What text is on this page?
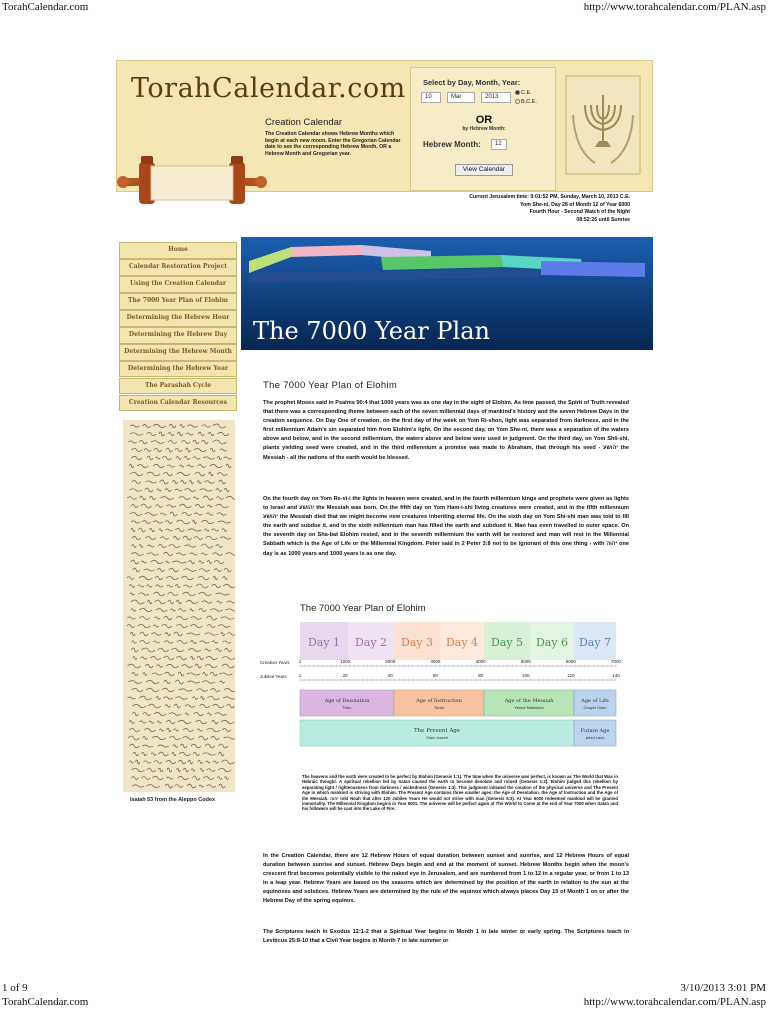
TorahCalendar.com	http://www.torahcalendar.com/PLAN.asp
TorahCalendar.com
Creation Calendar
The Creation Calendar shows Hebrew Months which begin at each new moon. Enter the Gregorian Calendar date to see the corresponding Hebrew Month, OR a Hebrew Month and Gregorian year.
Select by Day, Month, Year:
10	Mar	2013
C.E.
B.C.E.
OR
by Hebrew Month:
Hebrew Month:	12
View Calendar
Current Jerusalem time: 9:01:52 PM, Sunday, March 10, 2013 C.E.
Yom She-ni, Day 28 of Month 12 of Year 6000
Fourth Hour - Second Watch of the Night
08:52:26 until Sunrise
Home
Calendar Restoration Project
Using the Creation Calendar
The 7000 Year Plan of Elohim
Determining the Hebrew Hour
Determining the Hebrew Day
Determining the Hebrew Month
Determining the Hebrew Year
The Parashah Cycle
Creation Calendar Resources
Isaiah 53 from the Aleppo Codex
The 7000 Year Plan
The 7000 Year Plan of Elohim

The prophet Moses said in Psalms 90:4 that 1000 years was as one day in the sight of Elohim. As time passed, the Spirit of Truth revealed that there was a corresponding theme between each of the seven millennial days of mankind's history and the seven Hebrew Days in the creation sequence. On Day One of creation, on the first day of the week on Yom Ri-shon, light was separated from darkness, and in the first millennium Adam's sin separated him from Elohim's light. On the second day, on Yom She-ni, there was a separation of the waters above and below, and in the second millennium, the waters above and below were used in judgment. On the third day, on Yom Shli-shi, plants yielding seed were created, and in the third millennium a promise was made to Abraham, that through his seed - יהושע the Messiah - all the nations of the earth would be blessed.

On the fourth day on Yom Re-vi-i the lights in heaven were created, and in the fourth millennium kings and prophets were given as lights to Israel and יהושע the Messiah was born. On the fifth day on Yom Ham-i-shi living creatures were created, and in the fifth millennium יהושע the Messiah died that we might become new creatures inheriting eternal life. On the sixth day on Yom Shi-shi man was told to fill the earth and subdue it, and in the sixth millennium man has filled the earth and subdued it. Man has even travelled to outer space. On the seventh day on Sha-bat Elohim rested, and in the seventh millennium the earth will be restored and man will rest in the Millennial Sabbath which is the Age of Life or the Millennial Kingdom. Peter said in 2 Peter 3:8 not to be ignorant of this one thing - with יהוה one day is as 1000 years and 1000 years is as one day.

The 7000 Year Plan of Elohim
Day 1 Day 2 Day 3 Day 4 Day 5 Day 6 Day 7
Creation Years 1	1000	2000	3000	4000	5000	6000	7000
Jubilee Years	1	20	40	60	80	100	120	140
Age of Desolation
Tohu
Age of Instruction
Torah
Age of the Messiah
Yemot Mashiach
Age of Life
Chayei Olam
The Present Age
Olam Hazeh
Future Age
Athid Lavo

The heavens and the earth were created to be perfect by Elohim (Genesis 1:1). The time when the universe was perfect, is known as The World that Was in Hebraic thought. A spiritual rebellion led by Satan caused the earth to become desolate and ruined (Genesis 1:2). Elohim judged this rebellion by separating light / righteousness from darkness / wickedness (Genesis 1:3). This judgment initiated the creation of the physical universe and The Present Age in which mankind is striving with Elohim. The Present Age contains three smaller ages: the Age of Desolation, the Age of Instruction and the Age of the Messiah. יהוה told Noah that after 120 Jubilee Years He would not strive with man (Genesis 6:3). At Year 6000 redeemed mankind will be granted immortality. The Millennial Kingdom begins in Year 6001. The universe will be perfect again at The World to Come at the end of Year 7000 when Satan and his followers will be cast into the Lake of Fire.

In the Creation Calendar, there are 12 Hebrew Hours of equal duration between sunset and sunrise, and 12 Hebrew Hours of equal duration between sunrise and sunset. Hebrew Days begin and end at the moment of sunset. Hebrew Months begin when the moon's crescent first becomes potentially visible to the naked eye in Jerusalem, and are numbered from 1 to 12 in a regular year, or from 1 to 13 in a leap year. Hebrew Years are based on the seasons which are determined by the position of the earth in relation to the sun at the equinoxes and solstices. Hebrew Years are determined by the rule of the equinox which always places Day 15 of Month 1 on or after the Hebrew Day of the spring equinox.

The Scriptures teach in Exodus 12:1-2 that a Spiritual Year begins in Month 1 in late winter or early spring. The Scriptures teach in Leviticus 25:8-10 that a Civil Year begins in Month 7 in late summer or

1 of 9	3/10/2013 3:01 PM
TorahCalendar.com	http://www.torahcalendar.com/PLAN.asp
